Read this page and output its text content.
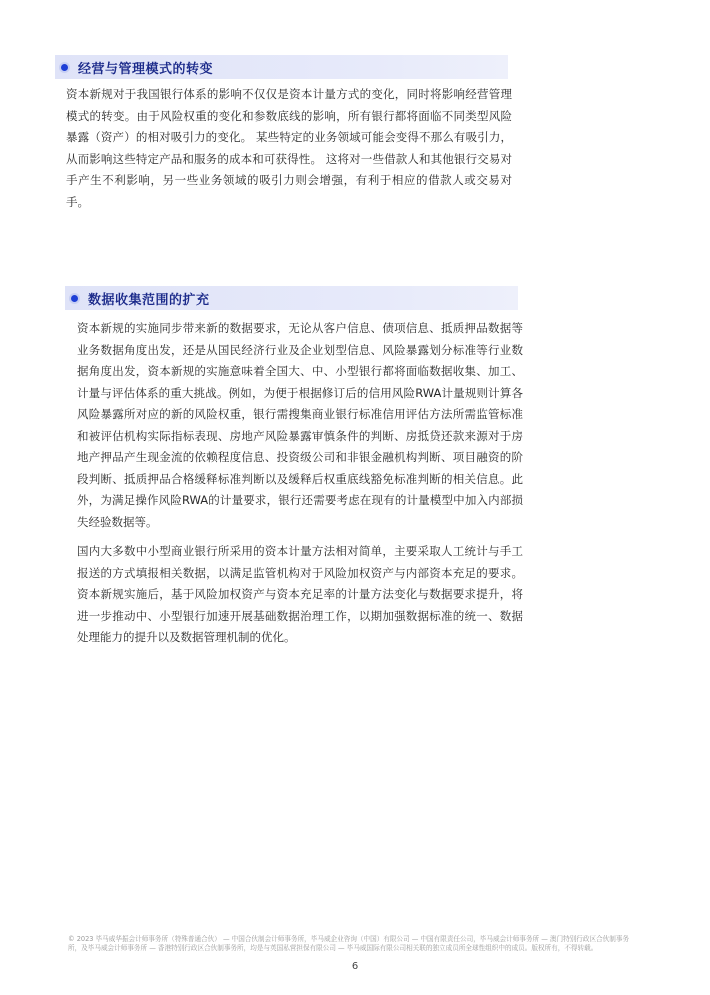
经营与管理模式的转变

资本新规对于我国银行体系的影响不仅仅是资本计量方式的变化，同时将影响经营管理模式的转变。由于风险权重的变化和参数底线的影响，所有银行都将面临不同类型风险暴露（资产）的相对吸引力的变化。 某些特定的业务领域可能会变得不那么有吸引力，从而影响这些特定产品和服务的成本和可获得性。 这将对一些借款人和其他银行交易对手产生不利影响，另一些业务领域的吸引力则会增强，有利于相应的借款人或交易对手。

数据收集范围的扩充

资本新规的实施同步带来新的数据要求，无论从客户信息、债项信息、抵质押品数据等业务数据角度出发，还是从国民经济行业及企业划型信息、风险暴露划分标准等行业数据角度出发，资本新规的实施意味着全国大、中、小型银行都将面临数据收集、加工、计量与评估体系的重大挑战。例如，为便于根据修订后的信用风险RWA计量规则计算各风险暴露所对应的新的风险权重，银行需搜集商业银行标准信用评估方法所需监管标准和被评估机构实际指标表现、房地产风险暴露审慎条件的判断、房抵贷还款来源对于房地产押品产生现金流的依赖程度信息、投资级公司和非银金融机构判断、项目融资的阶段判断、抵质押品合格缓释标准判断以及缓释后权重底线豁免标准判断的相关信息。此外，为满足操作风险RWA的计量要求，银行还需要考虑在现有的计量模型中加入内部损失经验数据等。

国内大多数中小型商业银行所采用的资本计量方法相对简单，主要采取人工统计与手工报送的方式填报相关数据，以满足监管机构对于风险加权资产与内部资本充足的要求。资本新规实施后，基于风险加权资产与资本充足率的计量方法变化与数据要求提升，将进一步推动中、小型银行加速开展基础数据治理工作，以期加强数据标准的统一、数据处理能力的提升以及数据管理机制的优化。

© 2023 毕马威华振会计师事务所（特殊普通合伙） — 中国合伙制会计师事务所，毕马威企业咨询（中国）有限公司 — 中国有限责任公司，毕马威会计师事务所 — 澳门特别行政区合伙制事务所，及毕马威会计师事务所 — 香港特别行政区合伙制事务所，均是与英国私营担保有限公司 — 毕马威国际有限公司相关联的独立成员所全球性组织中的成员。版权所有，不得转载。
6
